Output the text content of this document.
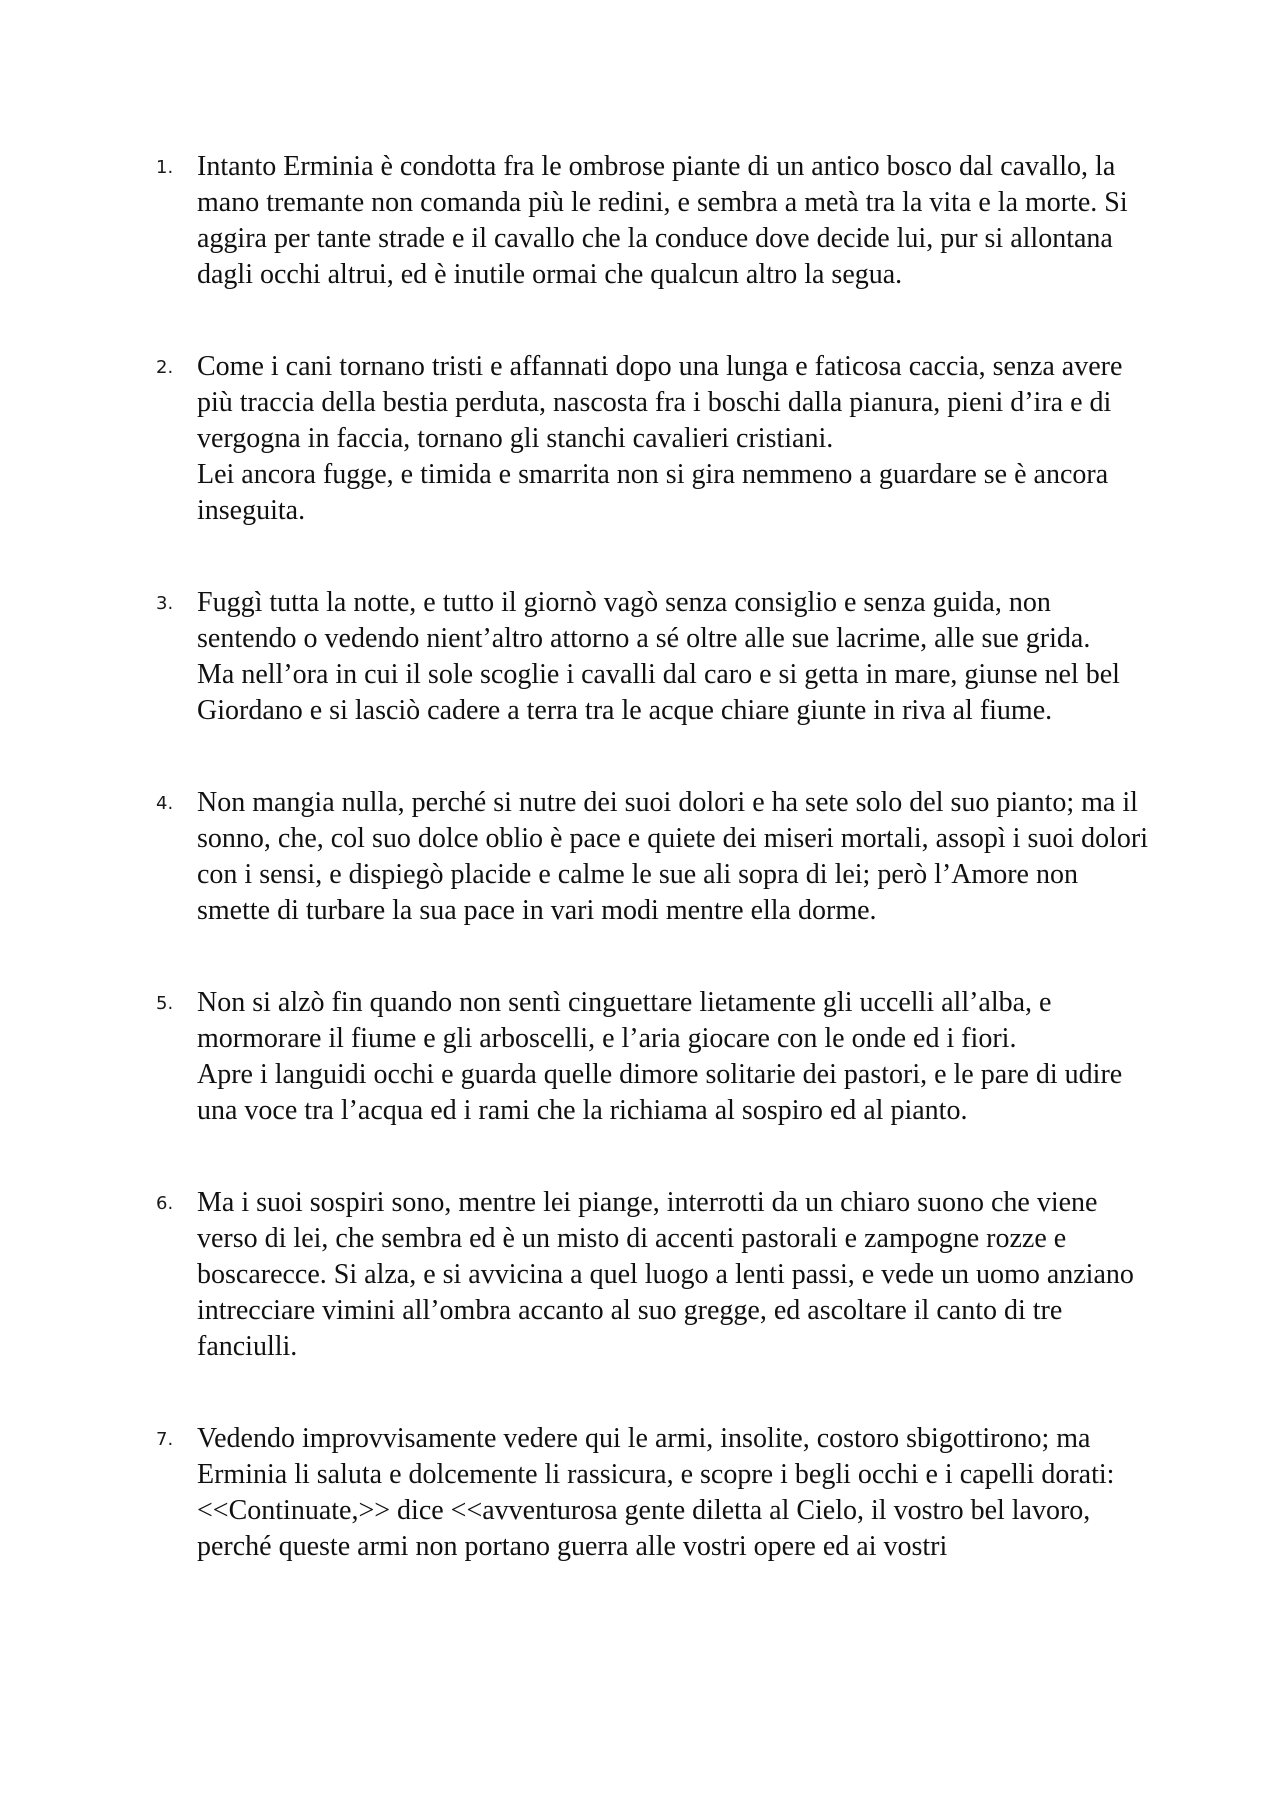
1. Intanto Erminia è condotta fra le ombrose piante di un antico bosco dal cavallo, la mano tremante non comanda più le redini, e sembra a metà tra la vita e la morte. Si aggira per tante strade e il cavallo che la conduce dove decide lui, pur si allontana dagli occhi altrui, ed è inutile ormai che qualcun altro la segua.

2. Come i cani tornano tristi e affannati dopo una lunga e faticosa caccia, senza avere più traccia della bestia perduta, nascosta fra i boschi dalla pianura, pieni d’ira e di vergogna in faccia, tornano gli stanchi cavalieri cristiani.

Lei ancora fugge, e timida e smarrita non si gira nemmeno a guardare se è ancora inseguita.

3. Fuggì tutta la notte, e tutto il giornò vagò senza consiglio e senza guida, non sentendo o vedendo nient’altro attorno a sé oltre alle sue lacrime, alle sue grida.

Ma nell’ora in cui il sole scoglie i cavalli dal caro e si getta in mare, giunse nel bel Giordano e si lasciò cadere a terra tra le acque chiare giunte in riva al fiume.

4. Non mangia nulla, perché si nutre dei suoi dolori e ha sete solo del suo pianto; ma il sonno, che, col suo dolce oblio è pace e quiete dei miseri mortali, assopì i suoi dolori con i sensi, e dispiegò placide e calme le sue ali sopra di lei; però l’Amore non smette di turbare la sua pace in vari modi mentre ella dorme.

5. Non si alzò fin quando non sentì cinguettare lietamente gli uccelli all’alba, e mormorare il fiume e gli arboscelli, e l’aria giocare con le onde ed i fiori.

Apre i languidi occhi e guarda quelle dimore solitarie dei pastori, e le pare di udire una voce tra l’acqua ed i rami che la richiama al sospiro ed al pianto.

6. Ma i suoi sospiri sono, mentre lei piange, interrotti da un chiaro suono che viene verso di lei, che sembra ed è un misto di accenti pastorali e zampogne rozze e boscarecce. Si alza, e si avvicina a quel luogo a lenti passi, e vede un uomo anziano intrecciare vimini all’ombra accanto al suo gregge, ed ascoltare il canto di tre fanciulli.

7. Vedendo improvvisamente vedere qui le armi, insolite, costoro sbigottirono; ma Erminia li saluta e dolcemente li rassicura, e scopre i begli occhi e i capelli dorati: <<Continuate,>> dice <<avventurosa gente diletta al Cielo, il vostro bel lavoro, perché queste armi non portano guerra alle vostri opere ed ai vostri
